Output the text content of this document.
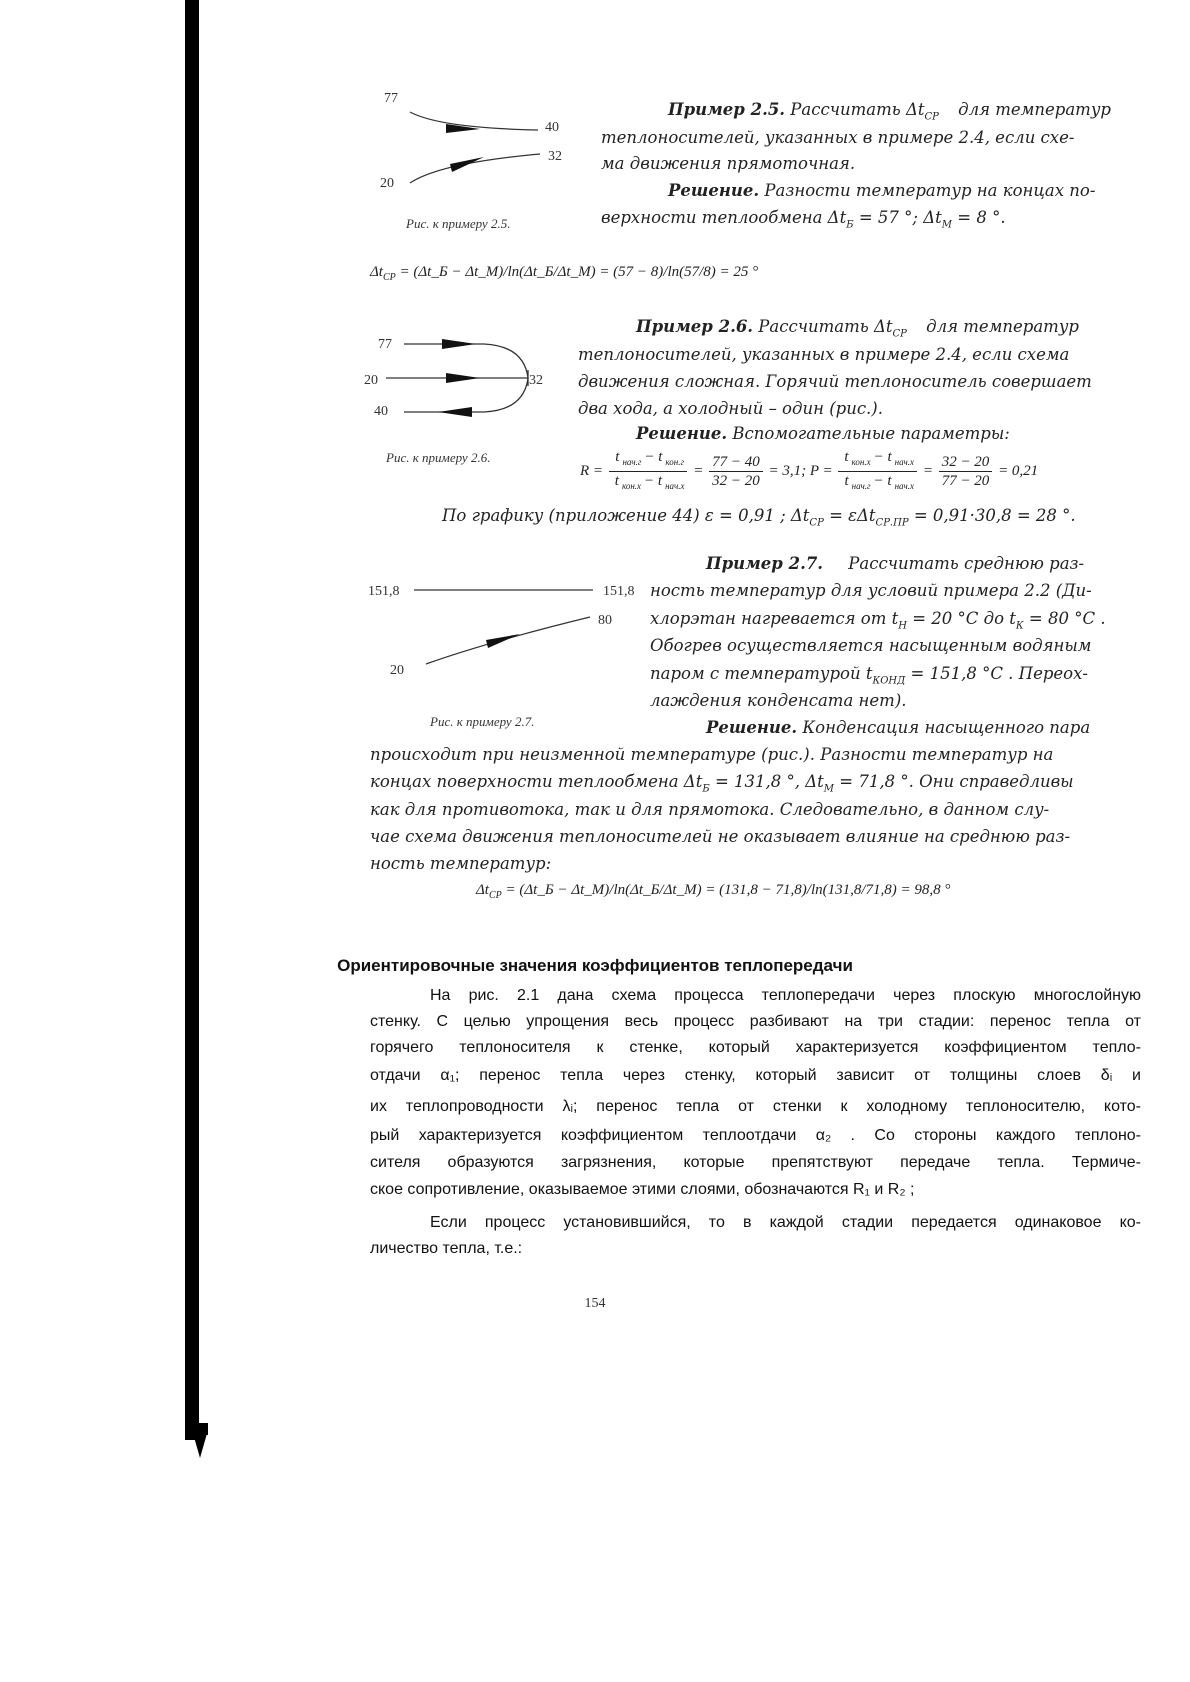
77
40
32
20
Рис. к примеру 2.5.
Пример 2.5. Рассчитать $\Delta t_{СР}$ для температур
теплоносителей, указанных в примере 2.4, если схе-
ма движения прямоточная.
Решение. Разности температур на концах по-
верхности теплообмена $\Delta t_Б = 57$ °; $\Delta t_М = 8$ °.
$\Delta t_{СР}$ = (Δt_Б − Δt_М)/ln(Δt_Б/Δt_М) = (57 − 8)/ln(57/8) = 25 °
77
20
40
32
Рис. к примеру 2.6.
Пример 2.6. Рассчитать $\Delta t_{СР}$ для температур
теплоносителей, указанных в примере 2.4, если схема
движения сложная. Горячий теплоноситель совершает
два хода, а холодный – один (рис.).
Решение. Вспомогательные параметры:
$R = \frac{t _{нач.г} - t _{кон.г}}{t _{кон.х} - t _{нач.х}} = \frac{77 - 40}{32 - 20} = 3,1$; $P = \frac{t _{кон.х} - t _{нач.х}}{t _{нач.г} - t _{нач.х}} = \frac{32 - 20}{77 - 20} = 0,21$
По графику (приложение 44) ε = 0,91 ; $\Delta t_{СР} = \varepsilon\Delta t_{СР.ПР} = 0,91\cdot 30,8 = 28$ °.
151,8	151,8
80
20
Рис. к примеру 2.7.
Пример 2.7. Рассчитать среднюю раз-
ность температур для условий примера 2.2 (Ди-
хлорэтан нагревается от $t_Н = 20$ °С до $t_К = 80$ °С .
Обогрев осуществляется насыщенным водяным
паром с температурой $t_{КОНД} = 151,8$ °С . Переох-
лаждения конденсата нет).
Решение. Конденсация насыщенного пара
происходит при неизменной температуре (рис.). Разности температур на
концах поверхности теплообмена $\Delta t_Б = 131,8$ °, $\Delta t_М = 71,8$ °. Они справедливы
как для противотока, так и для прямотока. Следовательно, в данном слу-
чае схема движения теплоносителей не оказывает влияние на среднюю раз-
ность температур:
$\Delta t_{СР}$ = (Δt_Б − Δt_М)/ln(Δt_Б/Δt_М) = (131,8 − 71,8)/ln(131,8/71,8) = 98,8 °
Ориентировочные значения коэффициентов теплопередачи
На рис. 2.1 дана схема процесса теплопередачи через плоскую многослойную
стенку. С целью упрощения весь процесс разбивают на три стадии: перенос тепла от
горячего теплоносителя к стенке, который характеризуется коэффициентом тепло-
отдачи α₁; перенос тепла через стенку, который зависит от толщины слоев δᵢ и
их теплопроводности λᵢ; перенос тепла от стенки к холодному теплоносителю, кото-
рый характеризуется коэффициентом теплоотдачи α₂ . Со стороны каждого теплоно-
сителя образуются загрязнения, которые препятствуют передаче тепла. Термиче-
ское сопротивление, оказываемое этими слоями, обозначаются R₁ и R₂ ;
Если процесс установившийся, то в каждой стадии передается одинаковое ко-
личество тепла, т.е.:
154
